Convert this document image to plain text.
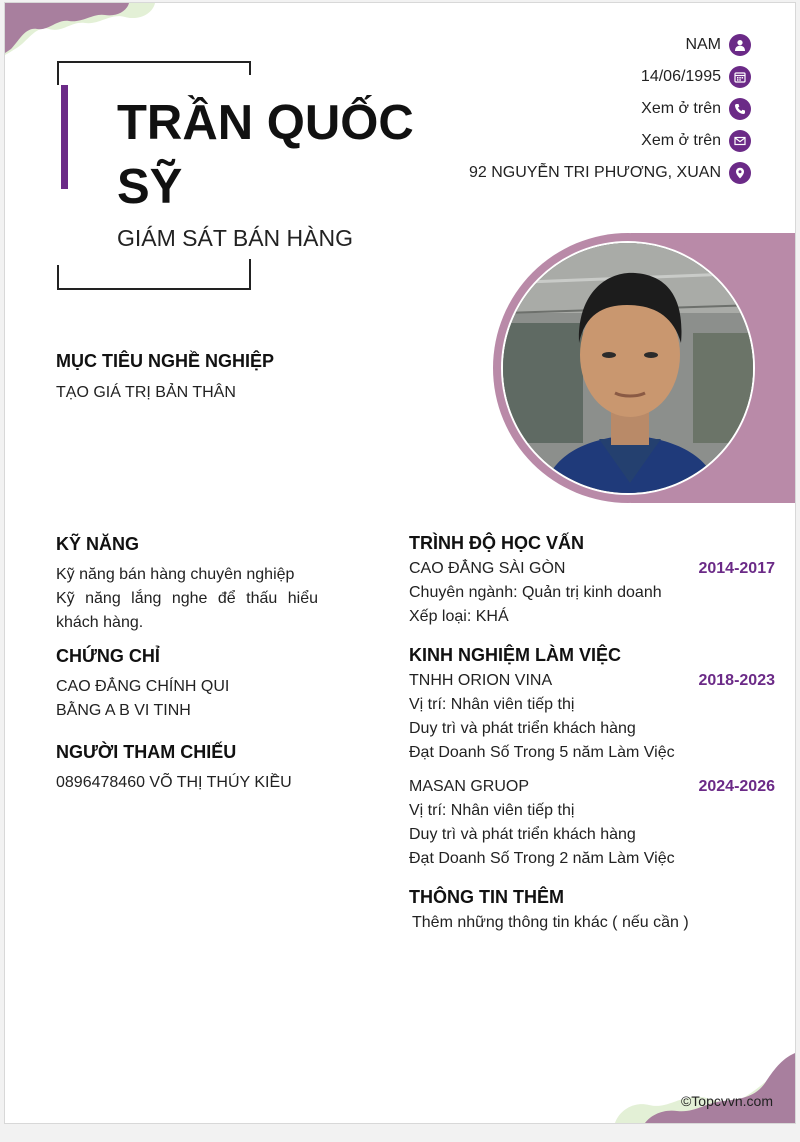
TRẦN QUỐC SỸ
GIÁM SÁT BÁN HÀNG
NAM
14/06/1995
Xem ở trên
Xem ở trên
92 NGUYỄN TRI PHƯƠNG, XUAN
MỤC TIÊU NGHỀ NGHIỆP
TẠO GIÁ TRỊ BẢN THÂN
KỸ NĂNG
Kỹ năng bán hàng chuyên nghiệp
Kỹ năng lắng nghe để thấu hiểu khách hàng.
CHỨNG CHỈ
CAO ĐẲNG CHÍNH QUI
BẰNG A B VI TINH
NGƯỜI THAM CHIẾU
0896478460 VÕ THỊ THÚY KIỀU
TRÌNH ĐỘ HỌC VẤN
CAO ĐẲNG SÀI GÒN	2014-2017
Chuyên ngành: Quản trị kinh doanh
Xếp loại: KHÁ
KINH NGHIỆM LÀM VIỆC
TNHH ORION VINA	2018-2023
Vị trí: Nhân viên tiếp thị
Duy trì và phát triển khách hàng
Đạt Doanh Số Trong 5 năm Làm Việc
MASAN GRUOP	2024-2026
Vị trí: Nhân viên tiếp thị
Duy trì và phát triển khách hàng
Đạt Doanh Số Trong 2 năm Làm Việc
THÔNG TIN THÊM
Thêm những thông tin khác ( nếu cần )
©Topcvvn.com
